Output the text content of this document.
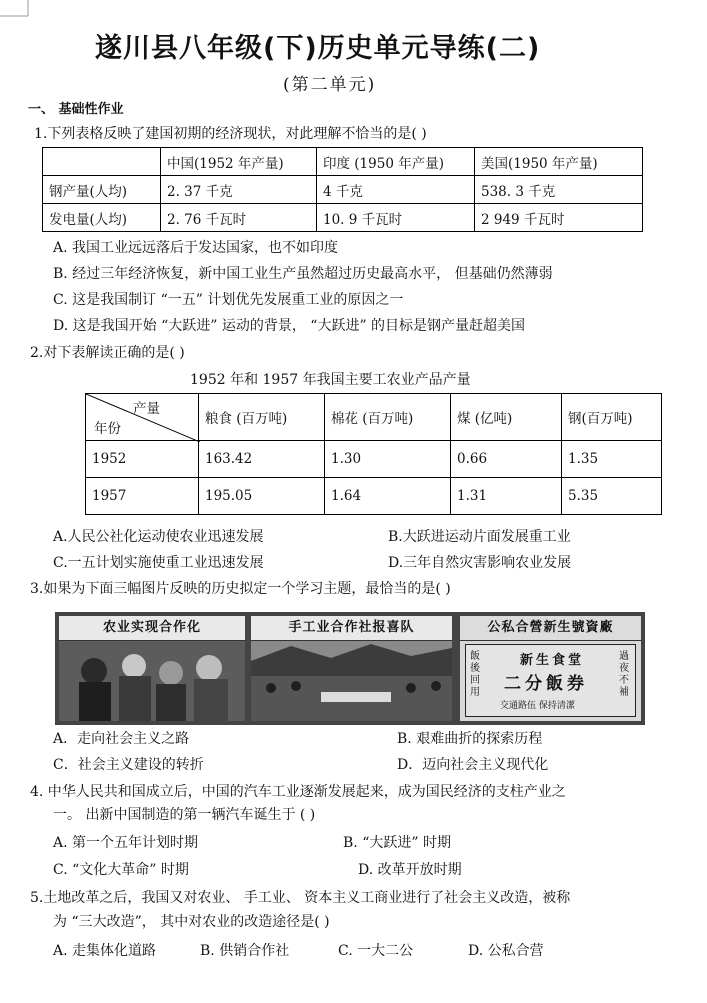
遂川县八年级(下)历史单元导练(二)
(第二单元)
一、 基础性作业
1.下列表格反映了建国初期的经济现状，对此理解不恰当的是( )
	中国(1952 年产量)	印度 (1950 年产量)	美国(1950 年产量)
钢产量(人均)	2. 37 千克	4 千克	538. 3 千克
发电量(人均)	2. 76 千瓦时	10. 9 千瓦时	2 949 千瓦时
A. 我国工业远远落后于发达国家，也不如印度
B. 经过三年经济恢复，新中国工业生产虽然超过历史最高水平， 但基础仍然薄弱
C. 这是我国制订 “一五” 计划优先发展重工业的原因之一
D. 这是我国开始 “大跃进” 运动的背景， “大跃进” 的目标是钢产量赶超美国
2.对下表解读正确的是( )
1952 年和 1957 年我国主要工农业产品产量
产量
年份	粮食 (百万吨)	棉花 (百万吨)	煤 (亿吨)	钢(百万吨)
1952	163.42	1.30	0.66	1.35
1957	195.05	1.64	1.31	5.35
A.人民公社化运动使农业迅速发展	B.大跃进运动片面发展重工业
C.一五计划实施使重工业迅速发展	D.三年自然灾害影响农业发展
3.如果为下面三幅图片反映的历史拟定一个学习主题，最恰当的是( )
农业实现合作化	手工业合作社报喜队	公私合營新生號資廠
新生食堂
二分飯券
飯後回用
過夜不補
交通路伍 保持清潔
A．走向社会主义之路	B. 艰难曲折的探索历程
C．社会主义建设的转折	D．迈向社会主义现代化
4. 中华人民共和国成立后，中国的汽车工业逐渐发展起来，成为国民经济的支柱产业之
一。 出新中国制造的第一辆汽车诞生于 ( )
A. 第一个五年计划时期	B. “大跃进” 时期
C. “文化大革命” 时期	D. 改革开放时期
5.土地改革之后，我国又对农业、 手工业、 资本主义工商业进行了社会主义改造，被称
为 “三大改造”， 其中对农业的改造途径是( )
A. 走集体化道路	B. 供销合作社	C. 一大二公	D. 公私合营
